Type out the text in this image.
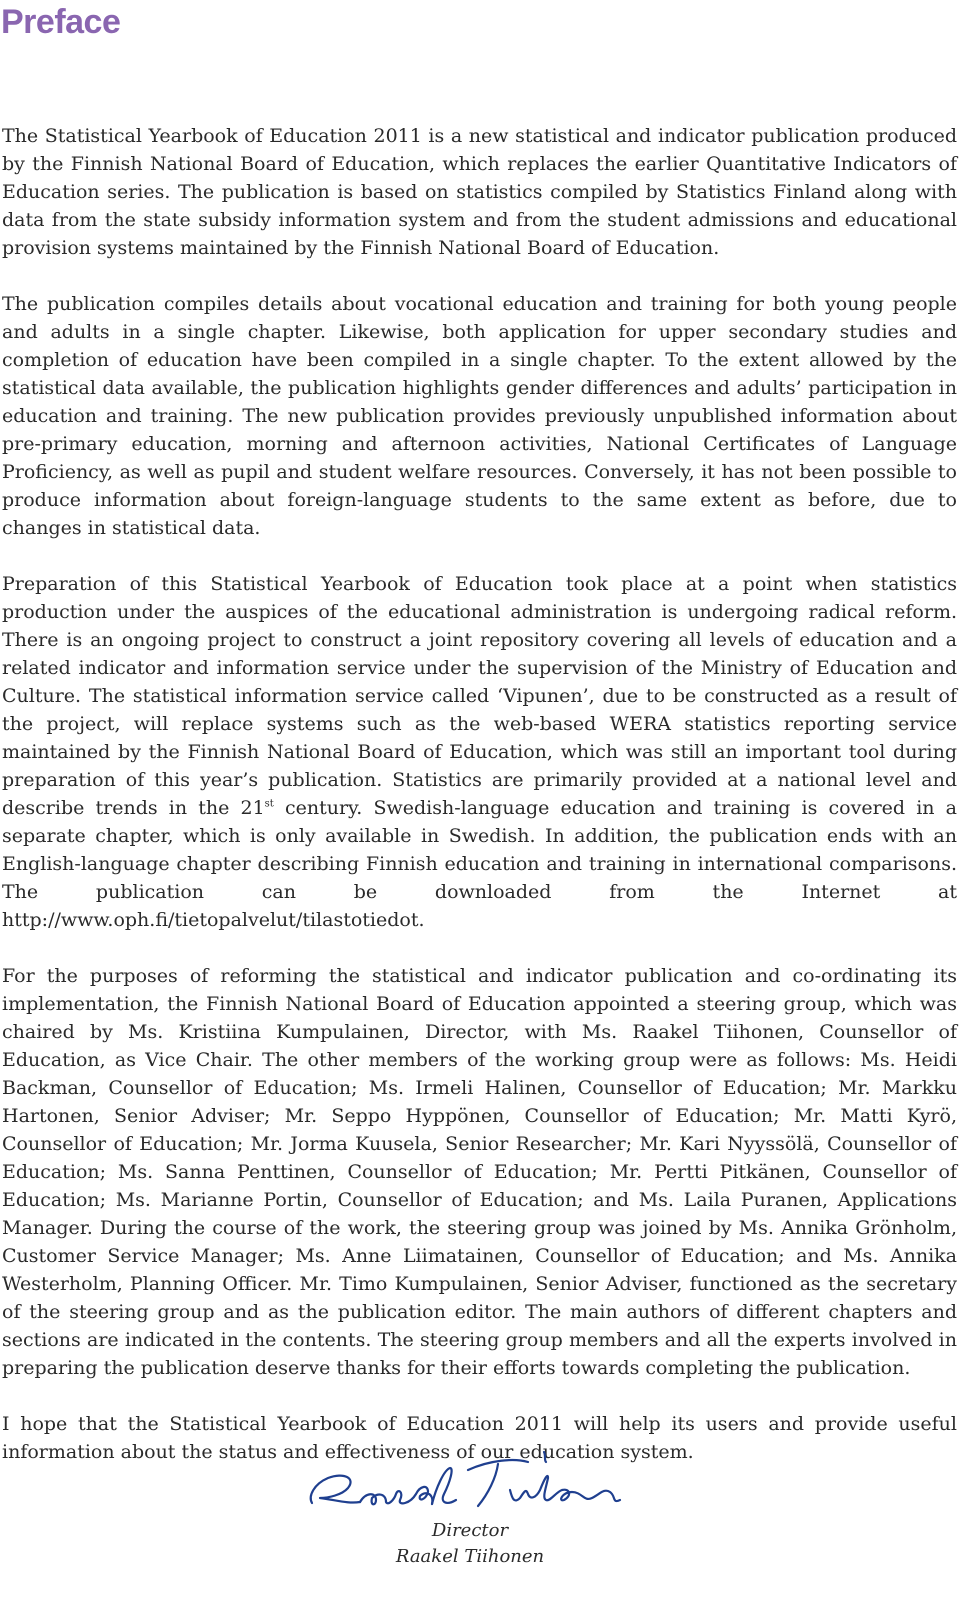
Preface

The Statistical Yearbook of Education 2011 is a new statistical and indicator publication produced by the Finnish National Board of Education, which replaces the earlier Quantitative Indicators of Education series. The publication is based on statistics compiled by Statistics Finland along with data from the state subsidy information system and from the student admissions and educational provision systems maintained by the Finnish National Board of Education.

The publication compiles details about vocational education and training for both young people and adults in a single chapter. Likewise, both application for upper secondary studies and completion of education have been compiled in a single chapter. To the extent allowed by the statistical data available, the publication highlights gender differences and adults’ participation in education and training. The new publication provides previously unpublished information about pre-primary education, morning and afternoon activities, National Certificates of Language Proficiency, as well as pupil and student welfare resources. Conversely, it has not been possible to produce information about foreign-language students to the same extent as before, due to changes in statistical data.

Preparation of this Statistical Yearbook of Education took place at a point when statistics production under the auspices of the educational administration is undergoing radical reform. There is an ongoing project to construct a joint repository covering all levels of education and a related indicator and information service under the supervision of the Ministry of Education and Culture. The statistical information service called ‘Vipunen’, due to be constructed as a result of the project, will replace systems such as the web-based WERA statistics reporting service maintained by the Finnish National Board of Education, which was still an important tool during preparation of this year’s publication. Statistics are primarily provided at a national level and describe trends in the 21st century. Swedish-language education and training is covered in a separate chapter, which is only available in Swedish. In addition, the publication ends with an English-language chapter describing Finnish education and training in international comparisons. The publication can be downloaded from the Internet at http://www.oph.fi/tietopalvelut/tilastotiedot.

For the purposes of reforming the statistical and indicator publication and co-ordinating its implementation, the Finnish National Board of Education appointed a steering group, which was chaired by Ms. Kristiina Kumpulainen, Director, with Ms. Raakel Tiihonen, Counsellor of Education, as Vice Chair. The other members of the working group were as follows: Ms. Heidi Backman, Counsellor of Education; Ms. Irmeli Halinen, Counsellor of Education; Mr. Markku Hartonen, Senior Adviser; Mr. Seppo Hyppönen, Counsellor of Education; Mr. Matti Kyrö, Counsellor of Education; Mr. Jorma Kuusela, Senior Researcher; Mr. Kari Nyyssölä, Counsellor of Education; Ms. Sanna Penttinen, Counsellor of Education; Mr. Pertti Pitkänen, Counsellor of Education; Ms. Marianne Portin, Counsellor of Education; and Ms. Laila Puranen, Applications Manager. During the course of the work, the steering group was joined by Ms. Annika Grönholm, Customer Service Manager; Ms. Anne Liimatainen, Counsellor of Education; and Ms. Annika Westerholm, Planning Officer. Mr. Timo Kumpulainen, Senior Adviser, functioned as the secretary of the steering group and as the publication editor. The main authors of different chapters and sections are indicated in the contents. The steering group members and all the experts involved in preparing the publication deserve thanks for their efforts towards completing the publication.

I hope that the Statistical Yearbook of Education 2011 will help its users and provide useful information about the status and effectiveness of our education system.

Director
Raakel Tiihonen
